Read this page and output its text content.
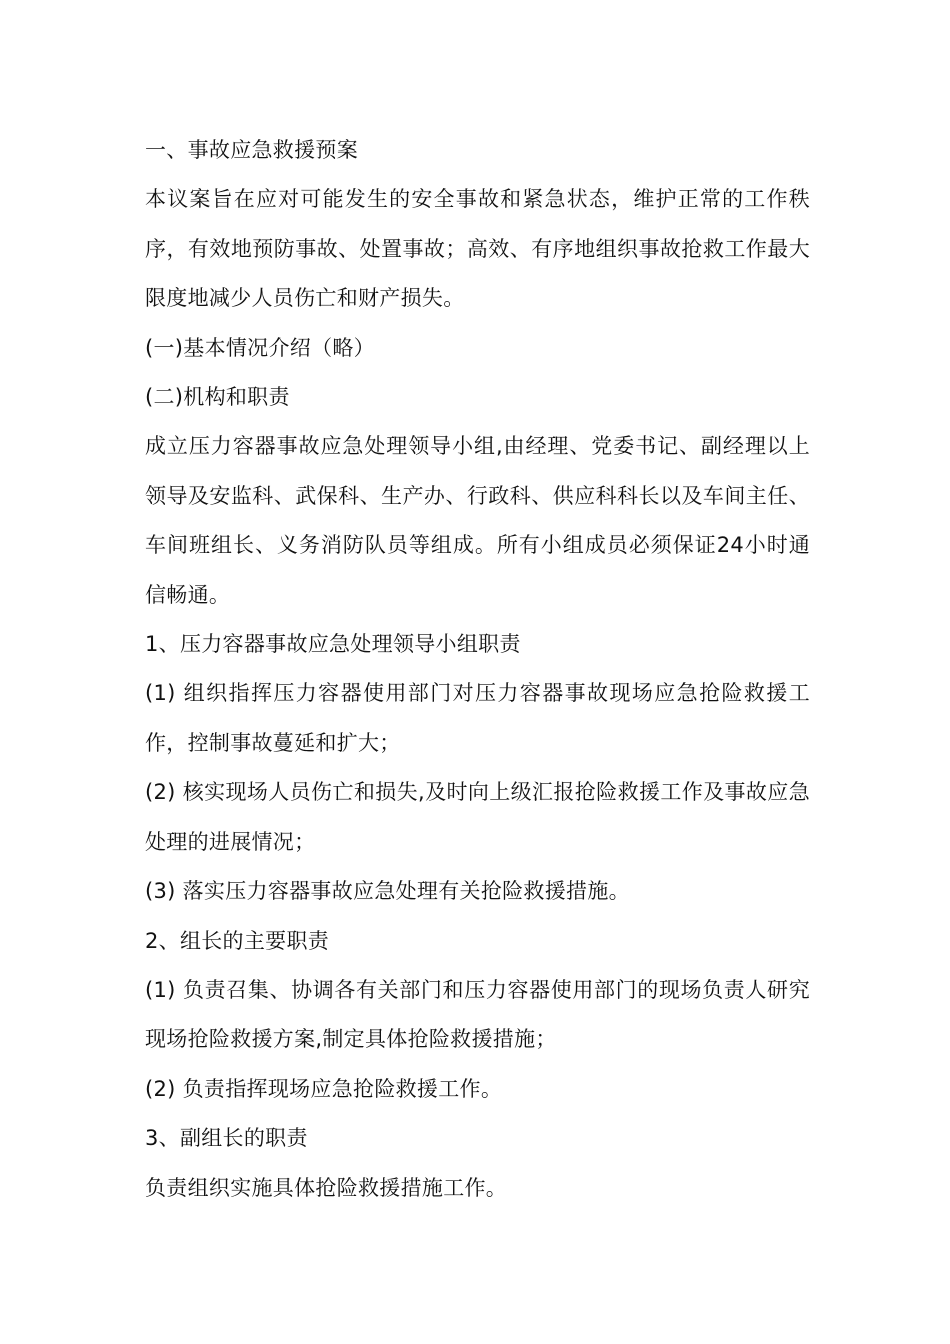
一、事故应急救援预案

本议案旨在应对可能发生的安全事故和紧急状态，维护正常的工作秩序，有效地预防事故、处置事故；高效、有序地组织事故抢救工作最大限度地减少人员伤亡和财产损失。

(一)基本情况介绍（略）

(二)机构和职责

成立压力容器事故应急处理领导小组,由经理、党委书记、副经理以上领导及安监科、武保科、生产办、行政科、供应科科长以及车间主任、车间班组长、义务消防队员等组成。所有小组成员必须保证24小时通信畅通。

1、压力容器事故应急处理领导小组职责

(1) 组织指挥压力容器使用部门对压力容器事故现场应急抢险救援工作，控制事故蔓延和扩大；

(2) 核实现场人员伤亡和损失,及时向上级汇报抢险救援工作及事故应急处理的进展情况；

(3) 落实压力容器事故应急处理有关抢险救援措施。

2、组长的主要职责

(1) 负责召集、协调各有关部门和压力容器使用部门的现场负责人研究现场抢险救援方案,制定具体抢险救援措施；

(2) 负责指挥现场应急抢险救援工作。

3、副组长的职责

负责组织实施具体抢险救援措施工作。
